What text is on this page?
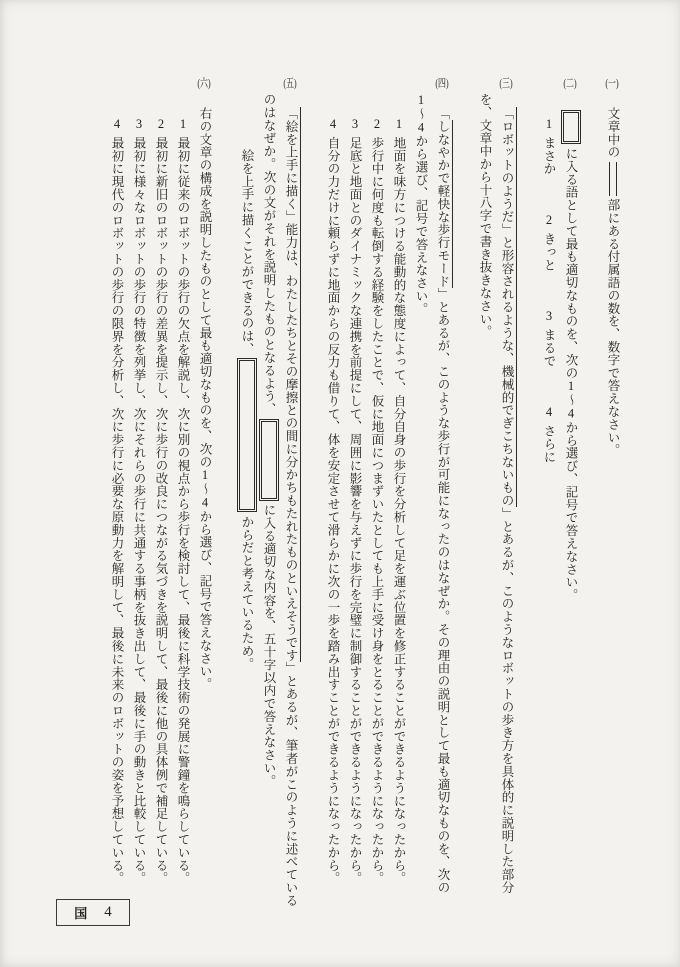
(一)

文章中の部にある付属語の数を、数字で答えなさい。

(二)

に入る語として最も適切なものを、次の1〜4から選び、記号で答えなさい。

1まさか2きっと3まるで4さらに

(三)

「ロボットのようだ」と形容されるような、機械的でぎこちないもの」とあるが、このようなロボットの歩き方を具体的に説明した部分を、文章中から十八字で書き抜きなさい。

(四)

「しなやかで軽快な歩行モード」とあるが、このような歩行が可能になったのはなぜか。その理由の説明として最も適切なものを、次の1〜4から選び、記号で答えなさい。

1地面を味方につける能動的な態度によって、自分自身の歩行を分析して足を運ぶ位置を修正することができるようになったから。

2歩行中に何度も転倒する経験をしたことで、仮に地面につまずいたとしても上手に受け身をとることができるようになったから。

3足底と地面とのダイナミックな連携を前提にして、周囲に影響を与えずに歩行を完璧に制御することができるようになったから。

4自分の力だけに頼らずに地面からの反力も借りて、体を安定させて滑らかに次の一歩を踏み出すことができるようになったから。

(五)

「絵を上手に描く」能力は、わたしたちとその摩擦との間に分かちもたれたものといえそうです」とあるが、筆者がこのように述べているのはなぜか。次の文がそれを説明したものとなるよう、に入る適切な内容を、五十字以内で答えなさい。

絵を上手に描くことができるのは、からだと考えているため。

(六)

右の文章の構成を説明したものとして最も適切なものを、次の1〜4から選び、記号で答えなさい。

1最初に従来のロボットの歩行の欠点を解説し、次に別の視点から歩行を検討して、最後に科学技術の発展に警鐘を鳴らしている。

2最初に新旧のロボットの歩行の差異を提示し、次に歩行の改良につながる気づきを説明して、最後に他の具体例で補足している。

3最初に様々なロボットの歩行の特徴を列挙し、次にそれらの歩行に共通する事柄を抜き出して、最後に手の動きと比較している。

4最初に現代のロボットの歩行の限界を分析し、次に歩行に必要な原動力を解明して、最後に未来のロボットの姿を予想している。

国 4
